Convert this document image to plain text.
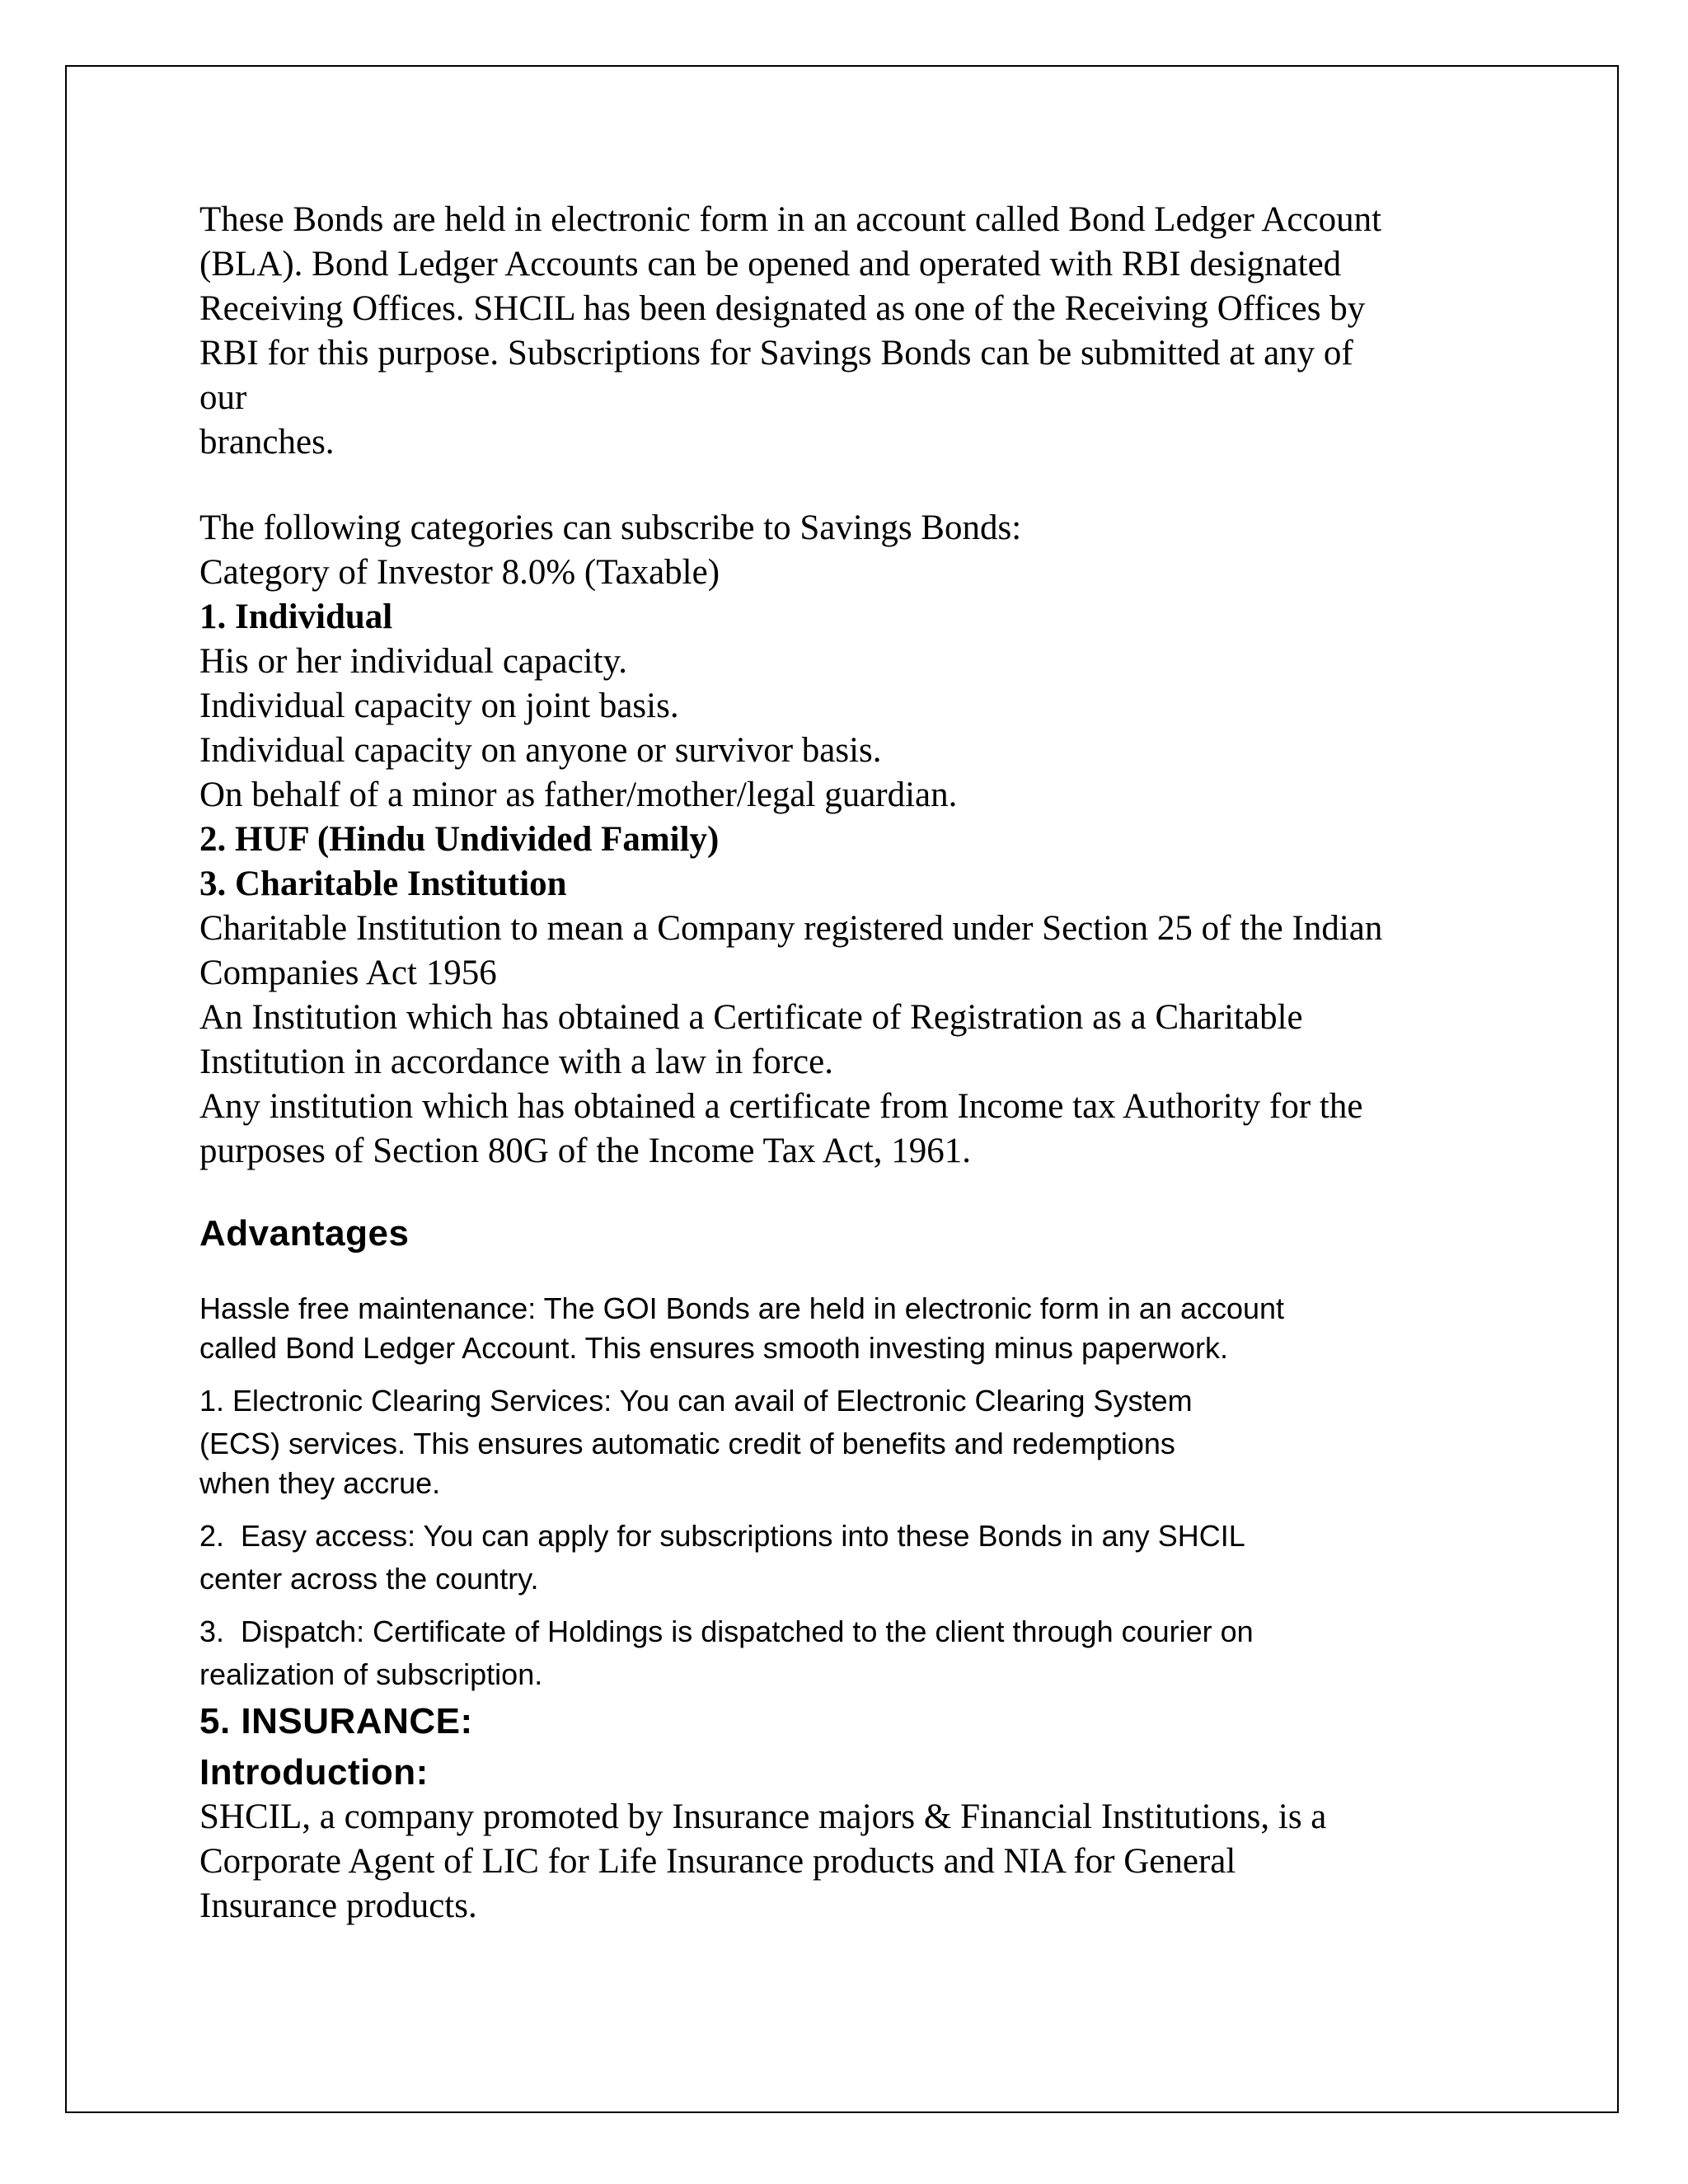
These Bonds are held in electronic form in an account called Bond Ledger Account

(BLA). Bond Ledger Accounts can be opened and operated with RBI designated

Receiving Offices. SHCIL has been designated as one of the Receiving Offices by

RBI for this purpose. Subscriptions for Savings Bonds can be submitted at any of

our

branches.

The following categories can subscribe to Savings Bonds:

Category of Investor 8.0% (Taxable)

1. Individual

His or her individual capacity.

Individual capacity on joint basis.

Individual capacity on anyone or survivor basis.

On behalf of a minor as father/mother/legal guardian.

2. HUF (Hindu Undivided Family)

3. Charitable Institution

Charitable Institution to mean a Company registered under Section 25 of the Indian

Companies Act 1956

An Institution which has obtained a Certificate of Registration as a Charitable

Institution in accordance with a law in force.

Any institution which has obtained a certificate from Income tax Authority for the

purposes of Section 80G of the Income Tax Act, 1961.

Advantages

Hassle free maintenance: The GOI Bonds are held in electronic form in an account

called Bond Ledger Account. This ensures smooth investing minus paperwork.

1. Electronic Clearing Services: You can avail of Electronic Clearing System

(ECS) services. This ensures automatic credit of benefits and redemptions

when they accrue.

2.  Easy access: You can apply for subscriptions into these Bonds in any SHCIL

center across the country.

3.  Dispatch: Certificate of Holdings is dispatched to the client through courier on

realization of subscription.

5. INSURANCE:
Introduction:

SHCIL, a company promoted by Insurance majors & Financial Institutions, is a

Corporate Agent of LIC for Life Insurance products and NIA for General

Insurance products.
